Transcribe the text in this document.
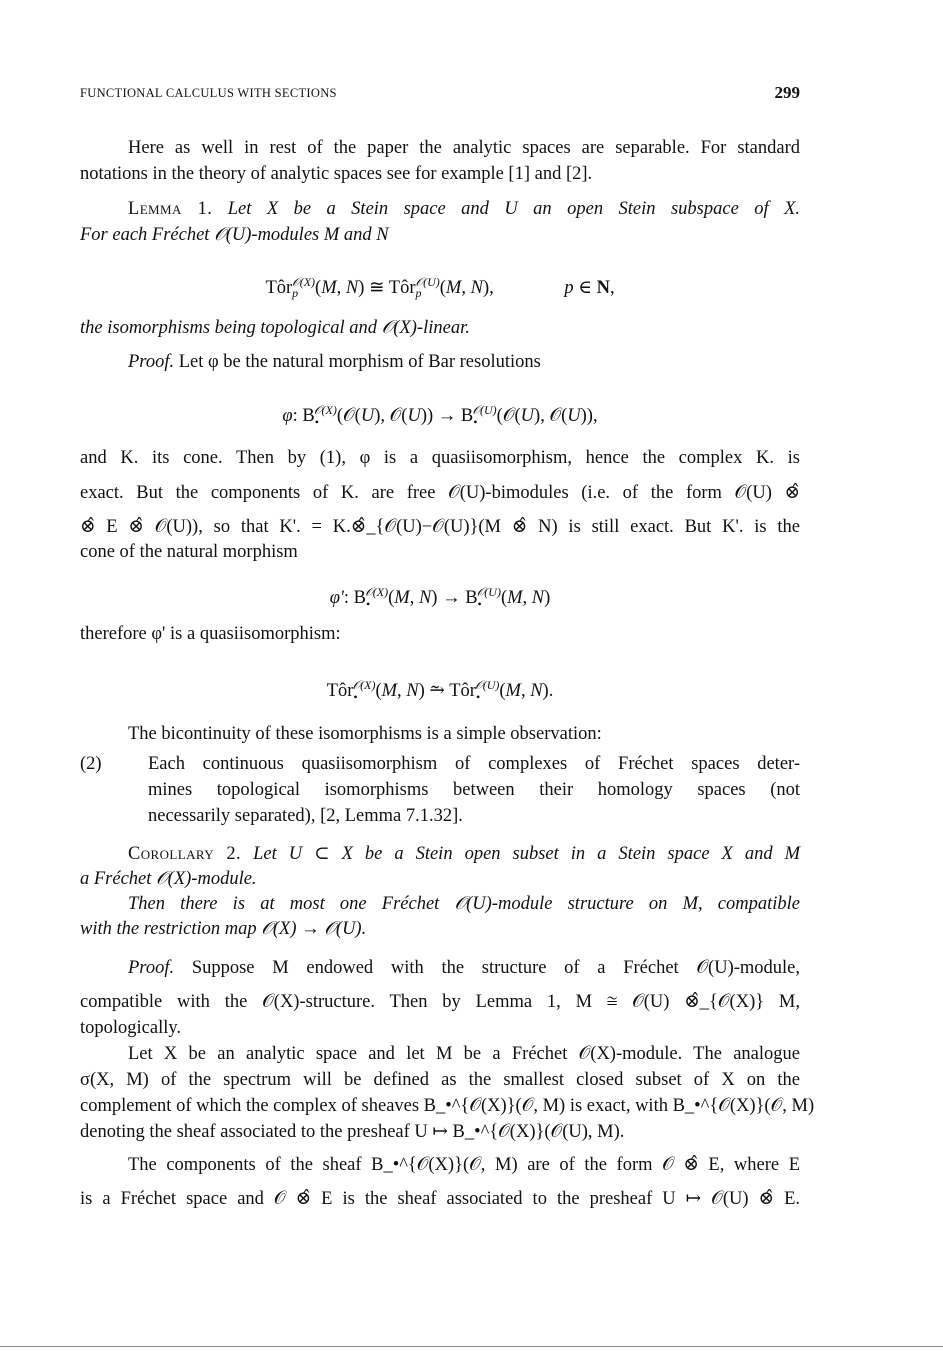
FUNCTIONAL CALCULUS WITH SECTIONS	299
Here as well in rest of the paper the analytic spaces are separable. For standard
notations in the theory of analytic spaces see for example [1] and [2].
Lemma 1. Let X be a Stein space and U an open Stein subspace of X.
For each Fréchet 𝒪(U)-modules M and N
Tôr$_p^{𝒪(X)}$(M, N) ≅ Tôr$_p^{𝒪(U)}$(M, N),	p ∈ N,
the isomorphisms being topological and 𝒪(X)-linear.
Proof. Let φ be the natural morphism of Bar resolutions
φ: $B_•^{𝒪(X)}(𝒪(U)$, 𝒪(U)) → $B_•^{𝒪(U)}(𝒪(U)$, 𝒪(U)),
and K. its cone. Then by (1), φ is a quasiisomorphism, hence the complex K. is
exact. But the components of K. are free 𝒪(U)-bimodules (i.e. of the form 𝒪(U) ⊗̂
⊗̂ E ⊗̂ 𝒪(U)), so that K'. = K.⊗̂_{𝒪(U)−𝒪(U)}(M ⊗̂ N) is still exact. But K'. is the
cone of the natural morphism
φ': $B_•^{𝒪(X)}(M$, $N) \to B_•^{𝒪(U)}(M$, N)
therefore φ' is a quasiisomorphism:
Tôr$_•^{𝒪(X)}$(M, N) ⥲ Tôr$_•^{𝒪(U)}$(M, N).
The bicontinuity of these isomorphisms is a simple observation:
(2)	Each continuous quasiisomorphism of complexes of Fréchet spaces deter-
mines topological isomorphisms between their homology spaces (not
necessarily separated), [2, Lemma 7.1.32].
Corollary 2. Let U ⊂ X be a Stein open subset in a Stein space X and M
a Fréchet 𝒪(X)-module.
Then there is at most one Fréchet 𝒪(U)-module structure on M, compatible
with the restriction map 𝒪(X) → 𝒪(U).
Proof. Suppose M endowed with the structure of a Fréchet 𝒪(U)-module,
compatible with the 𝒪(X)-structure. Then by Lemma 1, M ≅ 𝒪(U) ⊗̂_{𝒪(X)} M,
topologically.
Let X be an analytic space and let M be a Fréchet 𝒪(X)-module. The analogue
σ(X, M) of the spectrum will be defined as the smallest closed subset of X on the
complement of which the complex of sheaves B_•^{𝒪(X)}(𝒪, M) is exact, with B_•^{𝒪(X)}(𝒪, M)
denoting the sheaf associated to the presheaf U ↦ B_•^{𝒪(X)}(𝒪(U), M).
The components of the sheaf B_•^{𝒪(X)}(𝒪, M) are of the form 𝒪 ⊗̂ E, where E
is a Fréchet space and 𝒪 ⊗̂ E is the sheaf associated to the presheaf U ↦ 𝒪(U) ⊗̂ E.
